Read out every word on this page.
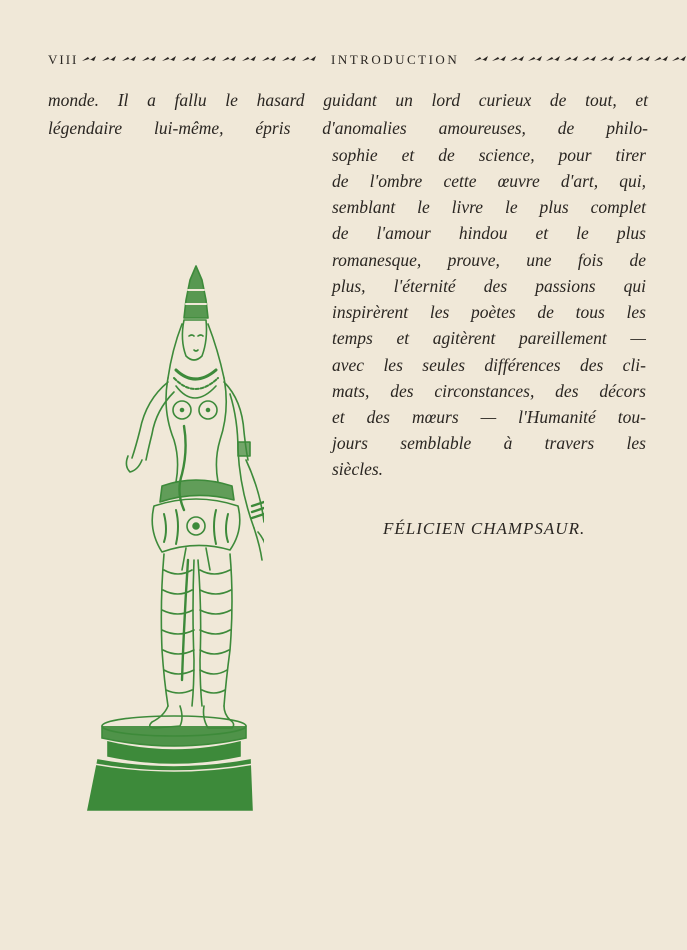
VIII	INTRODUCTION
monde. Il a fallu le hasard guidant un lord curieux de tout, et
légendaire lui-même, épris d'anomalies amoureuses, de philo-
sophie et de science, pour tirer
de l'ombre cette œuvre d'art, qui,
semblant le livre le plus complet
de l'amour hindou et le plus
romanesque, prouve, une fois de
plus, l'éternité des passions qui
inspirèrent les poètes de tous les
temps et agitèrent pareillement —
avec les seules différences des cli-
mats, des circonstances, des décors
et des mœurs — l'Humanité tou-
jours semblable à travers les
siècles.
FÉLICIEN CHAMPSAUR.
